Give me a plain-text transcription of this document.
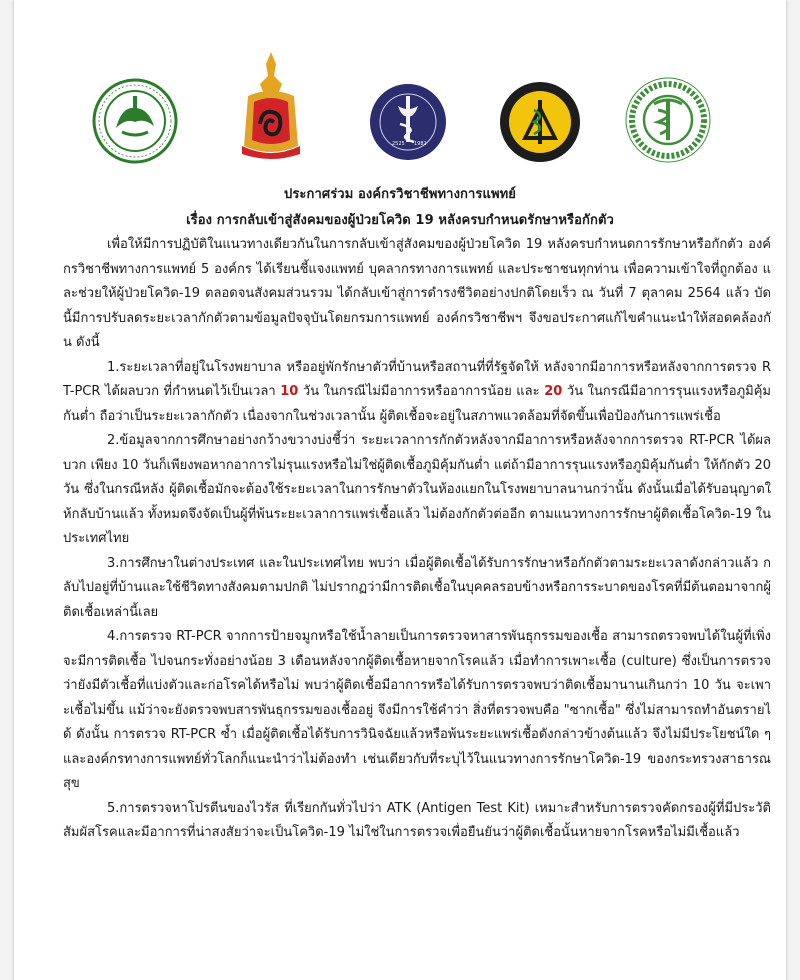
2525 1982
ประกาศร่วม องค์กรวิชาชีพทางการแพทย์
เรื่อง การกลับเข้าสู่สังคมของผู้ป่วยโควิด 19 หลังครบกำหนดรักษาหรือกักตัว

เพื่อให้มีการปฏิบัติในแนวทางเดียวกันในการกลับเข้าสู่สังคมของผู้ป่วยโควิด 19 หลังครบกำหนดการรักษาหรือกักตัว องค์กรวิชาชีพทางการแพทย์ 5 องค์กร ได้เรียนชี้แจงแพทย์ บุคลากรทางการแพทย์ และประชาชนทุกท่าน เพื่อความเข้าใจที่ถูกต้อง และช่วยให้ผู้ป่วยโควิด-19 ตลอดจนสังคมส่วนรวม ได้กลับเข้าสู่การดำรงชีวิตอย่างปกติโดยเร็ว ณ วันที่ 7 ตุลาคม 2564 แล้ว บัดนี้มีการปรับลดระยะเวลากักตัวตามข้อมูลปัจจุบันโดยกรมการแพทย์ องค์กรวิชาชีพฯ จึงขอประกาศแก้ไขคำแนะนำให้สอดคล้องกัน ดังนี้

1.ระยะเวลาที่อยู่ในโรงพยาบาล หรืออยู่พักรักษาตัวที่บ้านหรือสถานที่ที่รัฐจัดให้ หลังจากมีอาการหรือหลังจากการตรวจ RT-PCR ได้ผลบวก ที่กำหนดไว้เป็นเวลา 10 วัน ในกรณีไม่มีอาการหรืออาการน้อย และ 20 วัน ในกรณีมีอาการรุนแรงหรือภูมิคุ้มกันต่ำ ถือว่าเป็นระยะเวลากักตัว เนื่องจากในช่วงเวลานั้น ผู้ติดเชื้อจะอยู่ในสภาพแวดล้อมที่จัดขึ้นเพื่อป้องกันการแพร่เชื้อ

2.ข้อมูลจากการศึกษาอย่างกว้างขวางบ่งชี้ว่า ระยะเวลาการกักตัวหลังจากมีอาการหรือหลังจากการตรวจ RT-PCR ได้ผลบวก เพียง 10 วันก็เพียงพอหากอาการไม่รุนแรงหรือไม่ใช่ผู้ติดเชื้อภูมิคุ้มกันต่ำ แต่ถ้ามีอาการรุนแรงหรือภูมิคุ้มกันต่ำ ให้กักตัว 20 วัน ซึ่งในกรณีหลัง ผู้ติดเชื้อมักจะต้องใช้ระยะเวลาในการรักษาตัวในห้องแยกในโรงพยาบาลนานกว่านั้น ดังนั้นเมื่อได้รับอนุญาตให้กลับบ้านแล้ว ทั้งหมดจึงจัดเป็นผู้ที่พ้นระยะเวลาการแพร่เชื้อแล้ว ไม่ต้องกักตัวต่ออีก ตามแนวทางการรักษาผู้ติดเชื้อโควิด-19 ในประเทศไทย

3.การศึกษาในต่างประเทศ และในประเทศไทย พบว่า เมื่อผู้ติดเชื้อได้รับการรักษาหรือกักตัวตามระยะเวลาดังกล่าวแล้ว กลับไปอยู่ที่บ้านและใช้ชีวิตทางสังคมตามปกติ ไม่ปรากฏว่ามีการติดเชื้อในบุคคลรอบข้างหรือการระบาดของโรคที่มีต้นตอมาจากผู้ติดเชื้อเหล่านี้เลย

4.การตรวจ RT-PCR จากการป้ายจมูกหรือใช้น้ำลายเป็นการตรวจหาสารพันธุกรรมของเชื้อ สามารถตรวจพบได้ในผู้ที่เพิ่งจะมีการติดเชื้อ ไปจนกระทั่งอย่างน้อย 3 เดือนหลังจากผู้ติดเชื้อหายจากโรคแล้ว เมื่อทำการเพาะเชื้อ (culture) ซึ่งเป็นการตรวจว่ายังมีตัวเชื้อที่แบ่งตัวและก่อโรคได้หรือไม่ พบว่าผู้ติดเชื้อมีอาการหรือได้รับการตรวจพบว่าติดเชื้อมานานเกินกว่า 10 วัน จะเพาะเชื้อไม่ขึ้น แม้ว่าจะยังตรวจพบสารพันธุกรรมของเชื้ออยู่ จึงมีการใช้คำว่า สิ่งที่ตรวจพบคือ "ซากเชื้อ" ซึ่งไม่สามารถทำอันตรายได้ ดังนั้น การตรวจ RT-PCR ซ้ำ เมื่อผู้ติดเชื้อได้รับการวินิจฉัยแล้วหรือพ้นระยะแพร่เชื้อดังกล่าวข้างต้นแล้ว จึงไม่มีประโยชน์ใด ๆ และองค์กรทางการแพทย์ทั่วโลกก็แนะนำว่าไม่ต้องทำ เช่นเดียวกับที่ระบุไว้ในแนวทางการรักษาโควิด-19 ของกระทรวงสาธารณสุข

5.การตรวจหาโปรตีนของไวรัส ที่เรียกกันทั่วไปว่า ATK (Antigen Test Kit) เหมาะสำหรับการตรวจคัดกรองผู้ที่มีประวัติสัมผัสโรคและมีอาการที่น่าสงสัยว่าจะเป็นโควิด-19 ไม่ใช่ในการตรวจเพื่อยืนยันว่าผู้ติดเชื้อนั้นหายจากโรคหรือไม่มีเชื้อแล้ว
